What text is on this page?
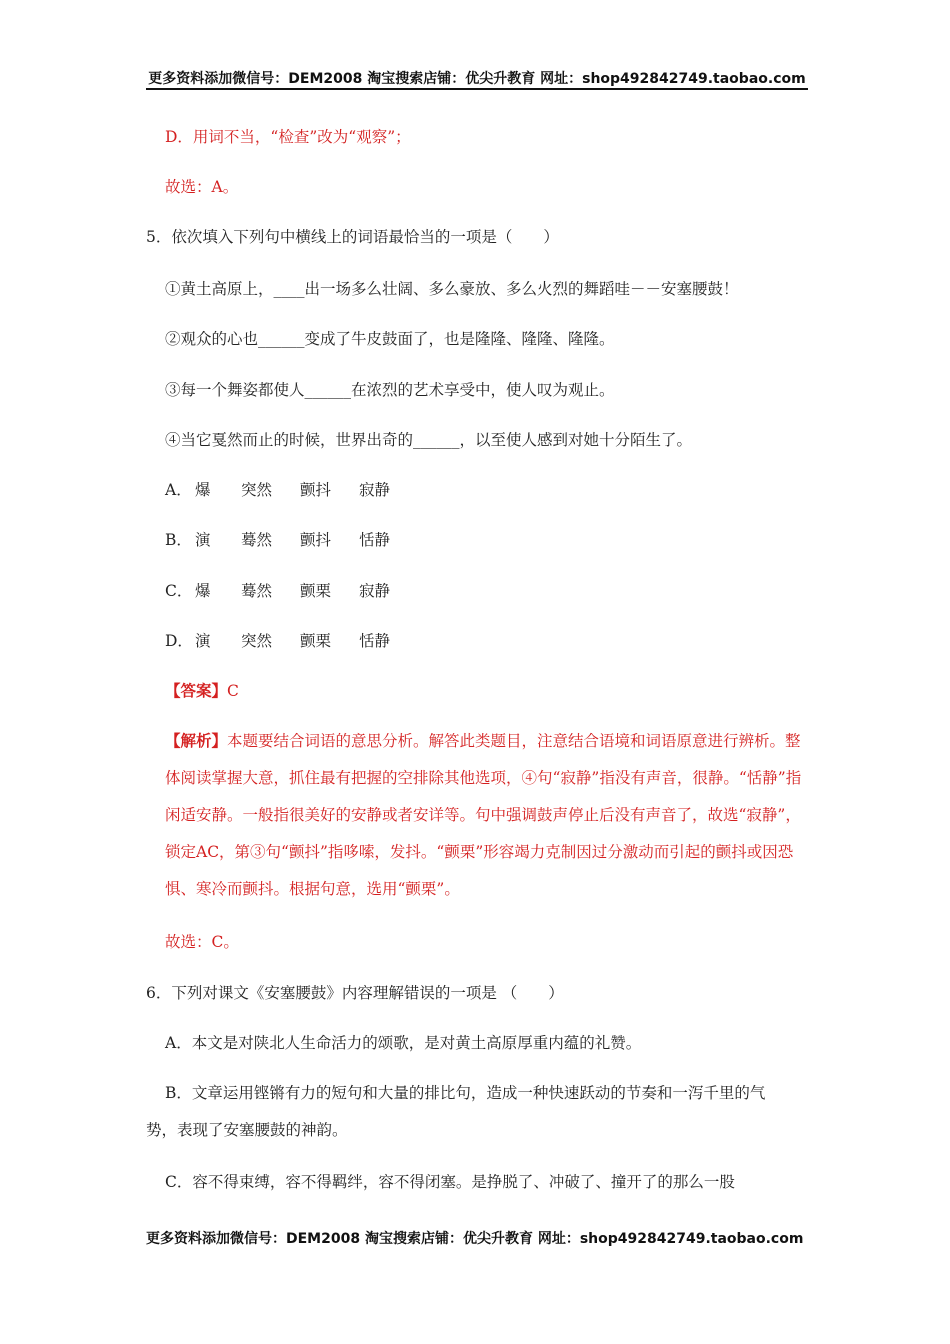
更多资料添加微信号：DEM2008 淘宝搜索店铺：优尖升教育 网址：shop492842749.taobao.com
D．用词不当，“检查”改为“观察”；
故选：A。
5．依次填入下列句中横线上的词语最恰当的一项是（　　）
①黄土高原上，____出一场多么壮阔、多么豪放、多么火烈的舞蹈哇－－安塞腰鼓！
②观众的心也______变成了牛皮鼓面了，也是隆隆、隆隆、隆隆。
③每一个舞姿都使人______在浓烈的艺术享受中，使人叹为观止。
④当它戛然而止的时候，世界出奇的______，以至使人感到对她十分陌生了。
A． 爆 突然 颤抖 寂静
B． 演 蓦然 颤抖 恬静
C． 爆 蓦然 颤栗 寂静
D． 演 突然 颤栗 恬静
【答案】C
【解析】本题要结合词语的意思分析。解答此类题目，注意结合语境和词语原意进行辨析。整体阅读掌握大意，抓住最有把握的空排除其他选项，④句“寂静”指没有声音，很静。“恬静”指闲适安静。一般指很美好的安静或者安详等。句中强调鼓声停止后没有声音了，故选“寂静”，锁定AC，第③句“颤抖”指哆嗦，发抖。“颤栗”形容竭力克制因过分激动而引起的颤抖或因恐惧、寒冷而颤抖。根据句意，选用“颤栗”。
故选：C。
6．下列对课文《安塞腰鼓》内容理解错误的一项是 （　　）
A．本文是对陕北人生命活力的颂歌，是对黄土高原厚重内蕴的礼赞。
B．文章运用铿锵有力的短句和大量的排比句，造成一种快速跃动的节奏和一泻千里的气势，表现了安塞腰鼓的神韵。
C．容不得束缚，容不得羁绊，容不得闭塞。是挣脱了、冲破了、撞开了的那么一股
更多资料添加微信号：DEM2008 淘宝搜索店铺：优尖升教育 网址：shop492842749.taobao.com
